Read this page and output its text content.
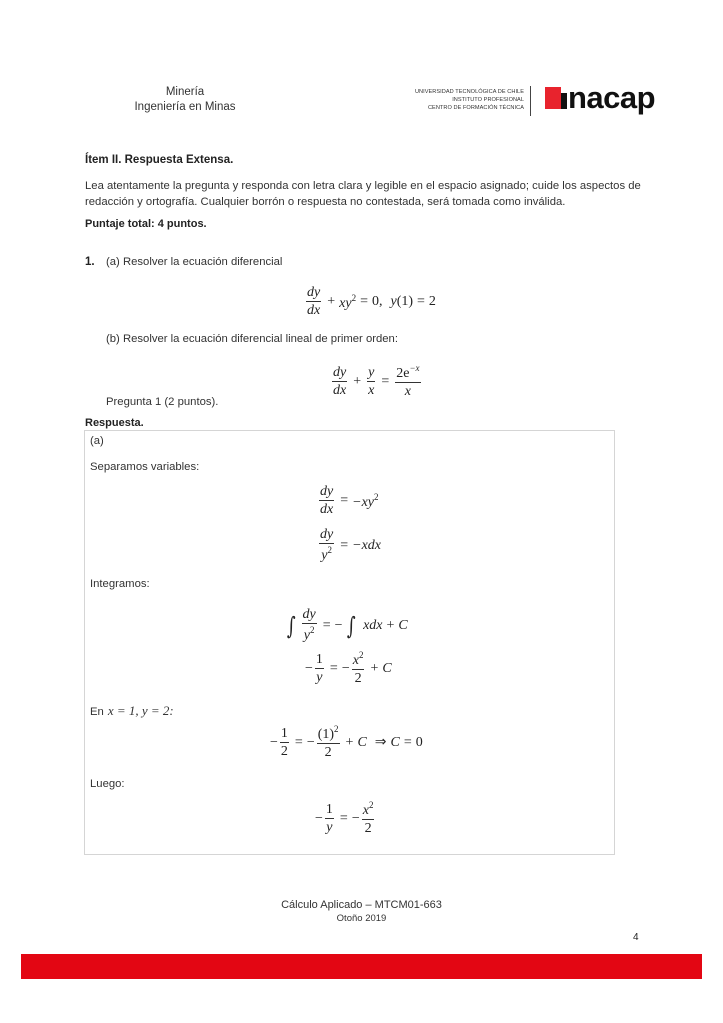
Minería
Ingeniería en Minas
UNIVERSIDAD TECNOLÓGICA DE CHILE
INSTITUTO PROFESIONAL
CENTRO DE FORMACIÓN TÉCNICA nacap
Ítem II. Respuesta Extensa.
Lea atentamente la pregunta y responda con letra clara y legible en el espacio asignado; cuide los aspectos de redacción y ortografía. Cualquier borrón o respuesta no contestada, será tomada como inválida.
Puntaje total: 4 puntos.
1. (a) Resolver la ecuación diferencial
$\frac{dy}{dx} + xy^2 = 0$, y (1) = 2
(b) Resolver la ecuación diferencial lineal de primer orden:
$\frac{dy}{dx} + \frac{y}{x} = \frac{2e^{-x}}{x}$
Pregunta 1 (2 puntos).
Respuesta.
(a)
Separamos variables:
$\frac{dy}{dx} = -xy^2$
$\frac{dy}{y^2} = -xdx$
Integramos:
∫ $\frac{dy}{y^2}$ = − ∫ xdx + C
− $\frac{1}{y}$ = − $\frac{x^2}{2} + C$
En x = 1, y = 2:
− $\frac{1}{2}$ = − $\frac{(1)^2}{2} + C$ ⇒ C = 0
Luego:
− $\frac{1}{y}$ = − $\frac{x^2}{2}$
Cálculo Aplicado – MTCM01-663
Otoño 2019
4
